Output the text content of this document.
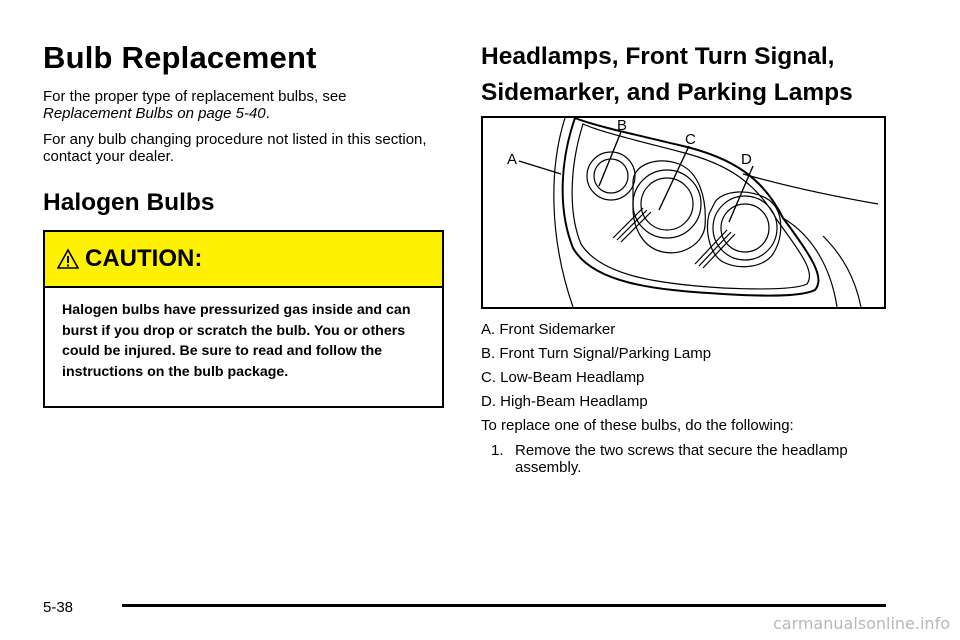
Bulb Replacement

For the proper type of replacement bulbs, see
Replacement Bulbs on page 5-40.

For any bulb changing procedure not listed in this section, contact your dealer.

Halogen Bulbs
CAUTION:
Halogen bulbs have pressurized gas inside and can burst if you drop or scratch the bulb. You or others could be injured. Be sure to read and follow the instructions on the bulb package.
Headlamps, Front Turn Signal,
Sidemarker, and Parking Lamps
A
B
C
D
A. Front Sidemarker
B. Front Turn Signal/Parking Lamp
C. Low-Beam Headlamp
D. High-Beam Headlamp
To replace one of these bulbs, do the following:
1. Remove the two screws that secure the headlamp assembly.
5-38
carmanualsonline.info
